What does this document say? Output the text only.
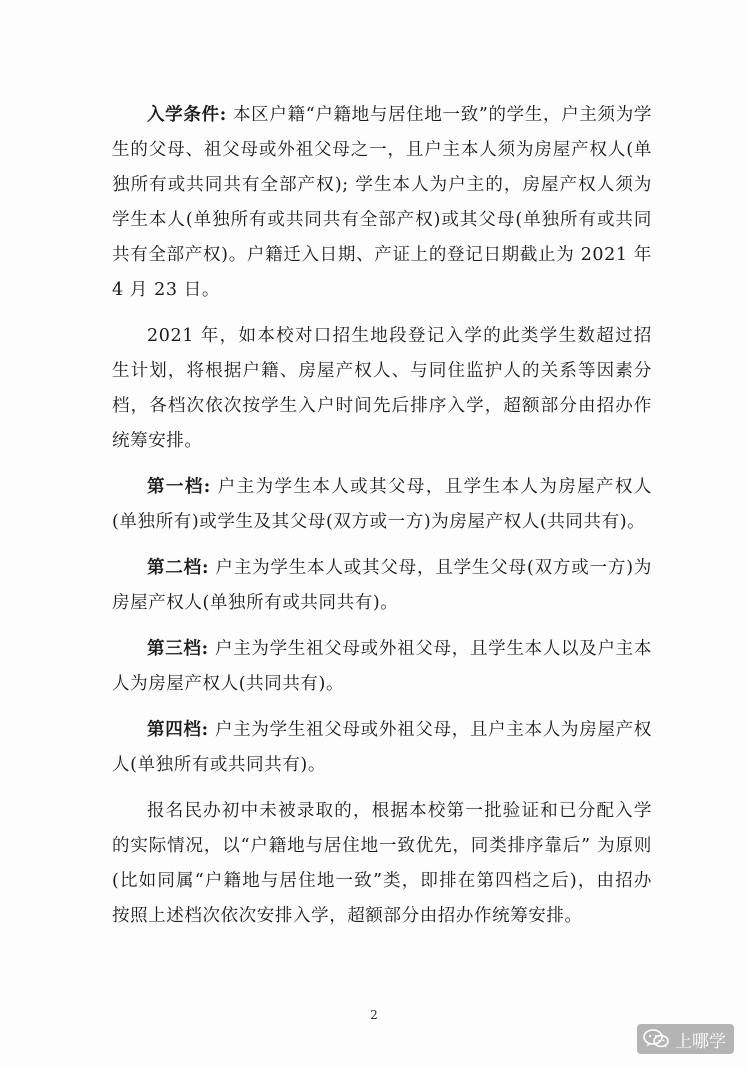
入学条件: 本区户籍“户籍地与居住地一致”的学生，户主须为学生的父母、祖父母或外祖父母之一，且户主本人须为房屋产权人(单独所有或共同共有全部产权); 学生本人为户主的，房屋产权人须为学生本人(单独所有或共同共有全部产权)或其父母(单独所有或共同共有全部产权)。户籍迁入日期、产证上的登记日期截止为 2021 年 4 月 23 日。

2021 年，如本校对口招生地段登记入学的此类学生数超过招生计划，将根据户籍、房屋产权人、与同住监护人的关系等因素分档，各档次依次按学生入户时间先后排序入学，超额部分由招办作统筹安排。

第一档: 户主为学生本人或其父母，且学生本人为房屋产权人(单独所有)或学生及其父母(双方或一方)为房屋产权人(共同共有)。

第二档: 户主为学生本人或其父母，且学生父母(双方或一方)为房屋产权人(单独所有或共同共有)。

第三档: 户主为学生祖父母或外祖父母，且学生本人以及户主本人为房屋产权人(共同共有)。

第四档: 户主为学生祖父母或外祖父母，且户主本人为房屋产权人(单独所有或共同共有)。

报名民办初中未被录取的，根据本校第一批验证和已分配入学的实际情况，以“户籍地与居住地一致优先，同类排序靠后” 为原则(比如同属“户籍地与居住地一致”类，即排在第四档之后)，由招办按照上述档次依次安排入学，超额部分由招办作统筹安排。

2
上哪学
